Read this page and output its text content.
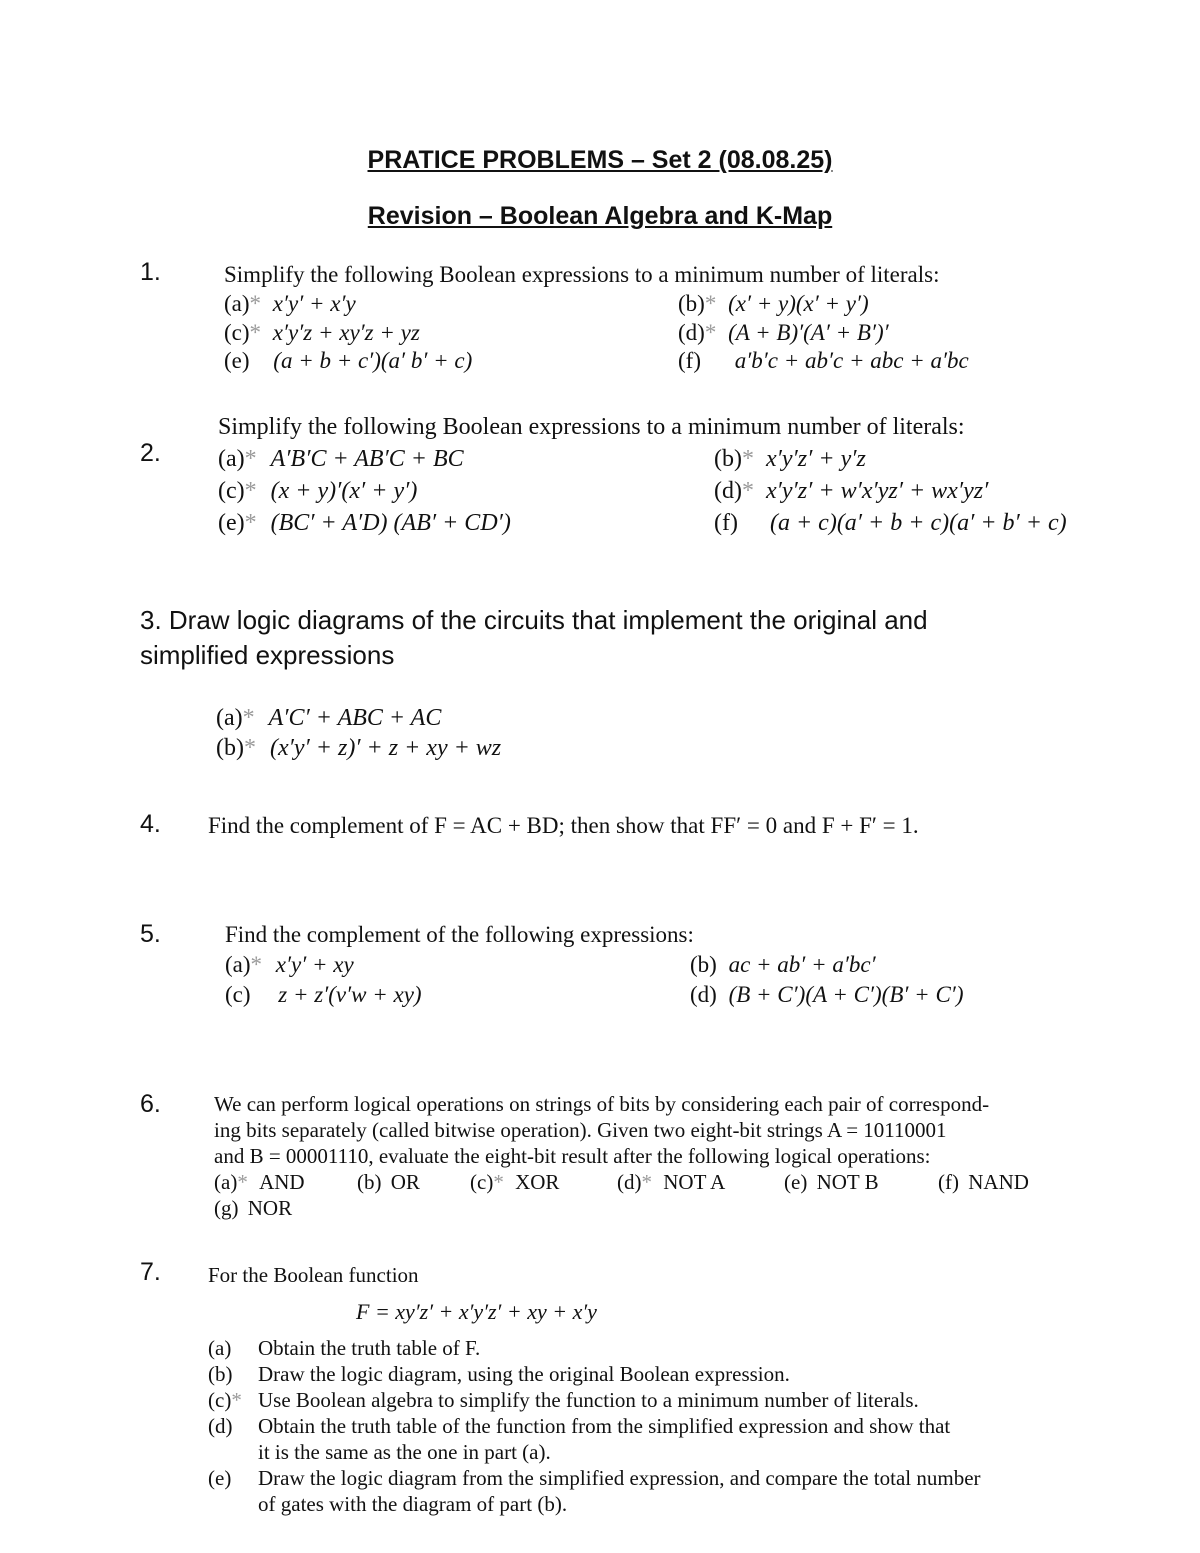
PRATICE PROBLEMS – Set 2 (08.08.25)
Revision – Boolean Algebra and K-Map
1.	Simplify the following Boolean expressions to a minimum number of literals:
(a)* x′y′ + x′y	(b)* (x′ + y)(x′ + y′)
(c)* x′y′z + xy′z + yz	(d)* (A + B)′(A′ + B′)′
(e) (a + b + c′)(a′ b′ + c)	(f) a′b′c + ab′c + abc + a′bc
Simplify the following Boolean expressions to a minimum number of literals:
2. (a)* A′B′C + AB′C + BC	(b)* x′y′z′ + y′z
(c)* (x + y)′(x′ + y′)	(d)* x′y′z′ + w′x′yz′ + wx′yz′
(e)* (BC′ + A′D) (AB′ + CD′)	(f) (a + c)(a′ + b + c)(a′ + b′ + c)
3. Draw logic diagrams of the circuits that implement the original and
simplified expressions
(a)* A′C′ + ABC + AC
(b)* (x′y′ + z)′ + z + xy + wz
4. Find the complement of F = AC + BD; then show that FF′ = 0 and F + F′ = 1.
5.	Find the complement of the following expressions:
(a)* x′y′ + xy	(b) ac + ab′ + a′bc′
(c) z + z′(v′w + xy)	(d) (B + C′)(A + C′)(B′ + C′)
6.	We can perform logical operations on strings of bits by considering each pair of correspond-
ing bits separately (called bitwise operation). Given two eight-bit strings A = 10110001
and B = 00001110, evaluate the eight-bit result after the following logical operations:
(a)* AND (b) OR (c)* XOR	(d)* NOT A	(e) NOT B	(f) NAND
(g) NOR
7. For the Boolean function
F = xy′z′ + x′y′z′ + xy + x′y
(a) Obtain the truth table of F.
(b) Draw the logic diagram, using the original Boolean expression.
(c)* Use Boolean algebra to simplify the function to a minimum number of literals.
(d) Obtain the truth table of the function from the simplified expression and show that
it is the same as the one in part (a).
(e) Draw the logic diagram from the simplified expression, and compare the total number
of gates with the diagram of part (b).
